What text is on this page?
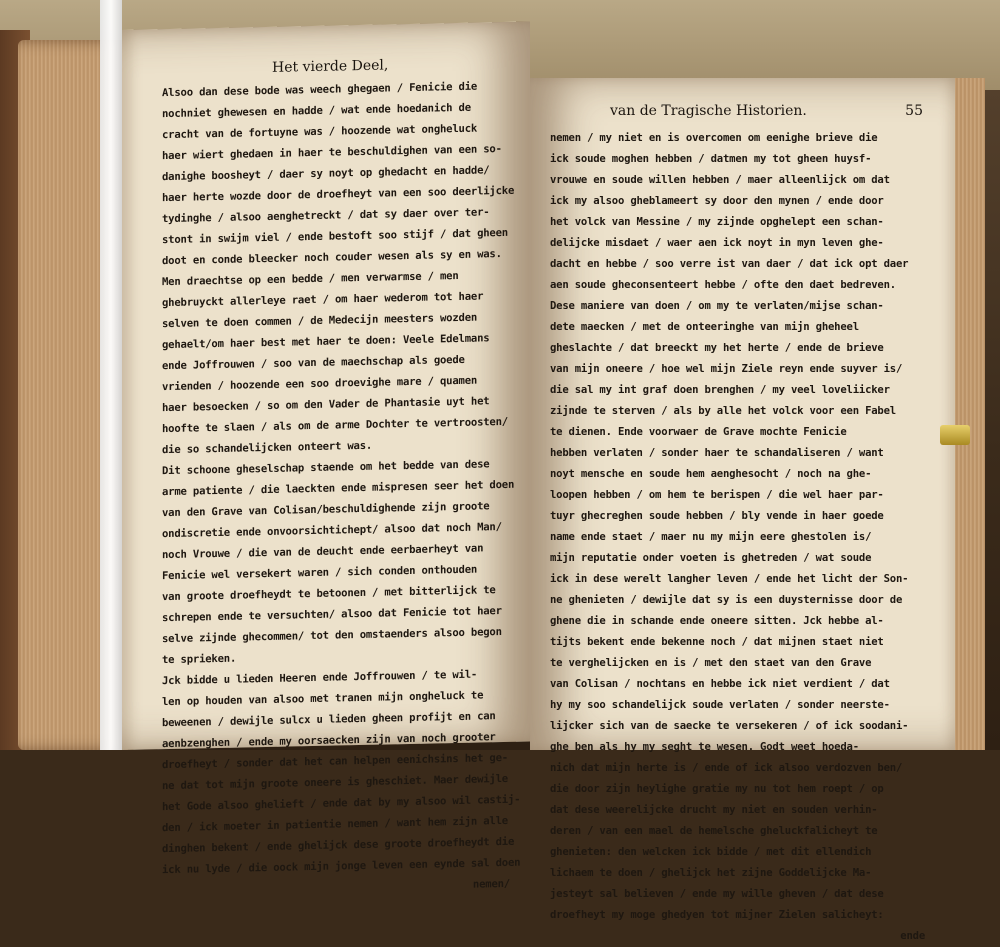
Het vierde Deel,
Alsoo dan dese bode was weech ghegaen / Fenicie die
nochniet ghewesen en hadde / wat ende hoedanich de
cracht van de fortuyne was / hoozende wat ongheluck
haer wiert ghedaen in haer te beschuldighen van een so-
danighe boosheyt / daer sy noyt op ghedacht en hadde/
haer herte wozde door de droefheyt van een soo deerlijcke
tydinghe / alsoo aenghetreckt / dat sy daer over ter-
stont in swijm viel / ende bestoft soo stijf / dat gheen
doot en conde bleecker noch couder wesen als sy en was.
Men draechtse op een bedde / men verwarmse / men
ghebruyckt allerleye raet / om haer wederom tot haer
selven te doen commen / de Medecijn meesters wozden
gehaelt/om haer best met haer te doen: Veele Edelmans
ende Joffrouwen / soo van de maechschap als goede
vrienden / hoozende een soo droevighe mare / quamen
haer besoecken / so om den Vader de Phantasie uyt het
hoofte te slaen / als om de arme Dochter te vertroosten/
die so schandelijcken onteert was.
Dit schoone gheselschap staende om het bedde van dese
arme patiente / die laeckten ende mispresen seer het doen
van den Grave van Colisan/beschuldighende zijn groote
ondiscretie ende onvoorsichtichept/ alsoo dat noch Man/
noch Vrouwe / die van de deucht ende eerbaerheyt van
Fenicie wel versekert waren / sich conden onthouden
van groote droefheydt te betoonen / met bitterlijck te
schrepen ende te versuchten/ alsoo dat Fenicie tot haer
selve zijnde ghecommen/ tot den omstaenders alsoo begon
te sprieken.
Jck bidde u lieden Heeren ende Joffrouwen / te wil-
len op houden van alsoo met tranen mijn ongheluck te
beweenen / dewijle sulcx u lieden gheen profijt en can
aenbzenghen / ende my oorsaecken zijn van noch grooter
droefheyt / sonder dat het can helpen eenichsins het ge-
ne dat tot mijn groote oneere is gheschiet. Maer dewijle
het Gode alsoo ghelieft / ende dat by my alsoo wil castij-
den / ick moeter in patientie nemen / want hem zijn alle
dinghen bekent / ende ghelijck dese groote droefheydt die
ick nu lyde / die oock mijn jonge leven een eynde sal doen
nemen/
van de Tragische Historien.	55
nemen / my niet en is overcomen om eenighe brieve die
ick soude moghen hebben / datmen my tot gheen huysf-
vrouwe en soude willen hebben / maer alleenlijck om dat
ick my alsoo gheblameert sy door den mynen / ende door
het volck van Messine / my zijnde opghelept een schan-
delijcke misdaet / waer aen ick noyt in myn leven ghe-
dacht en hebbe / soo verre ist van daer / dat ick opt daer
aen soude gheconsenteert hebbe / ofte den daet bedreven.
Dese maniere van doen / om my te verlaten/mijse schan-
dete maecken / met de onteeringhe van mijn gheheel
gheslachte / dat breeckt my het herte / ende de brieve
van mijn oneere / hoe wel mijn Ziele reyn ende suyver is/
die sal my int graf doen brenghen / my veel loveliicker
zijnde te sterven / als by alle het volck voor een Fabel
te dienen. Ende voorwaer de Grave mochte Fenicie
hebben verlaten / sonder haer te schandaliseren / want
noyt mensche en soude hem aenghesocht / noch na ghe-
loopen hebben / om hem te berispen / die wel haer par-
tuyr ghecreghen soude hebben / bly vende in haer goede
name ende staet / maer nu my mijn eere ghestolen is/
mijn reputatie onder voeten is ghetreden / wat soude
ick in dese werelt langher leven / ende het licht der Son-
ne ghenieten / dewijle dat sy is een duysternisse door de
ghene die in schande ende oneere sitten. Jck hebbe al-
tijts bekent ende bekenne noch / dat mijnen staet niet
te verghelijcken en is / met den staet van den Grave
van Colisan / nochtans en hebbe ick niet verdient / dat
hy my soo schandelijck soude verlaten / sonder neerste-
lijcker sich van de saecke te versekeren / of ick soodani-
ghe ben als hy my seght te wesen. Godt weet hoeda-
nich dat mijn herte is / ende of ick alsoo verdozven ben/
die door zijn heylighe gratie my nu tot hem roept / op
dat dese weerelijcke drucht my niet en souden verhin-
deren / van een mael de hemelsche gheluckfalicheyt te
ghenieten: den welcken ick bidde / met dit ellendich
lichaem te doen / ghelijck het zijne Goddelijcke Ma-
jesteyt sal believen / ende my wille gheven / dat dese
droefheyt my moge ghedyen tot mijner Zielen salicheyt:
ende
